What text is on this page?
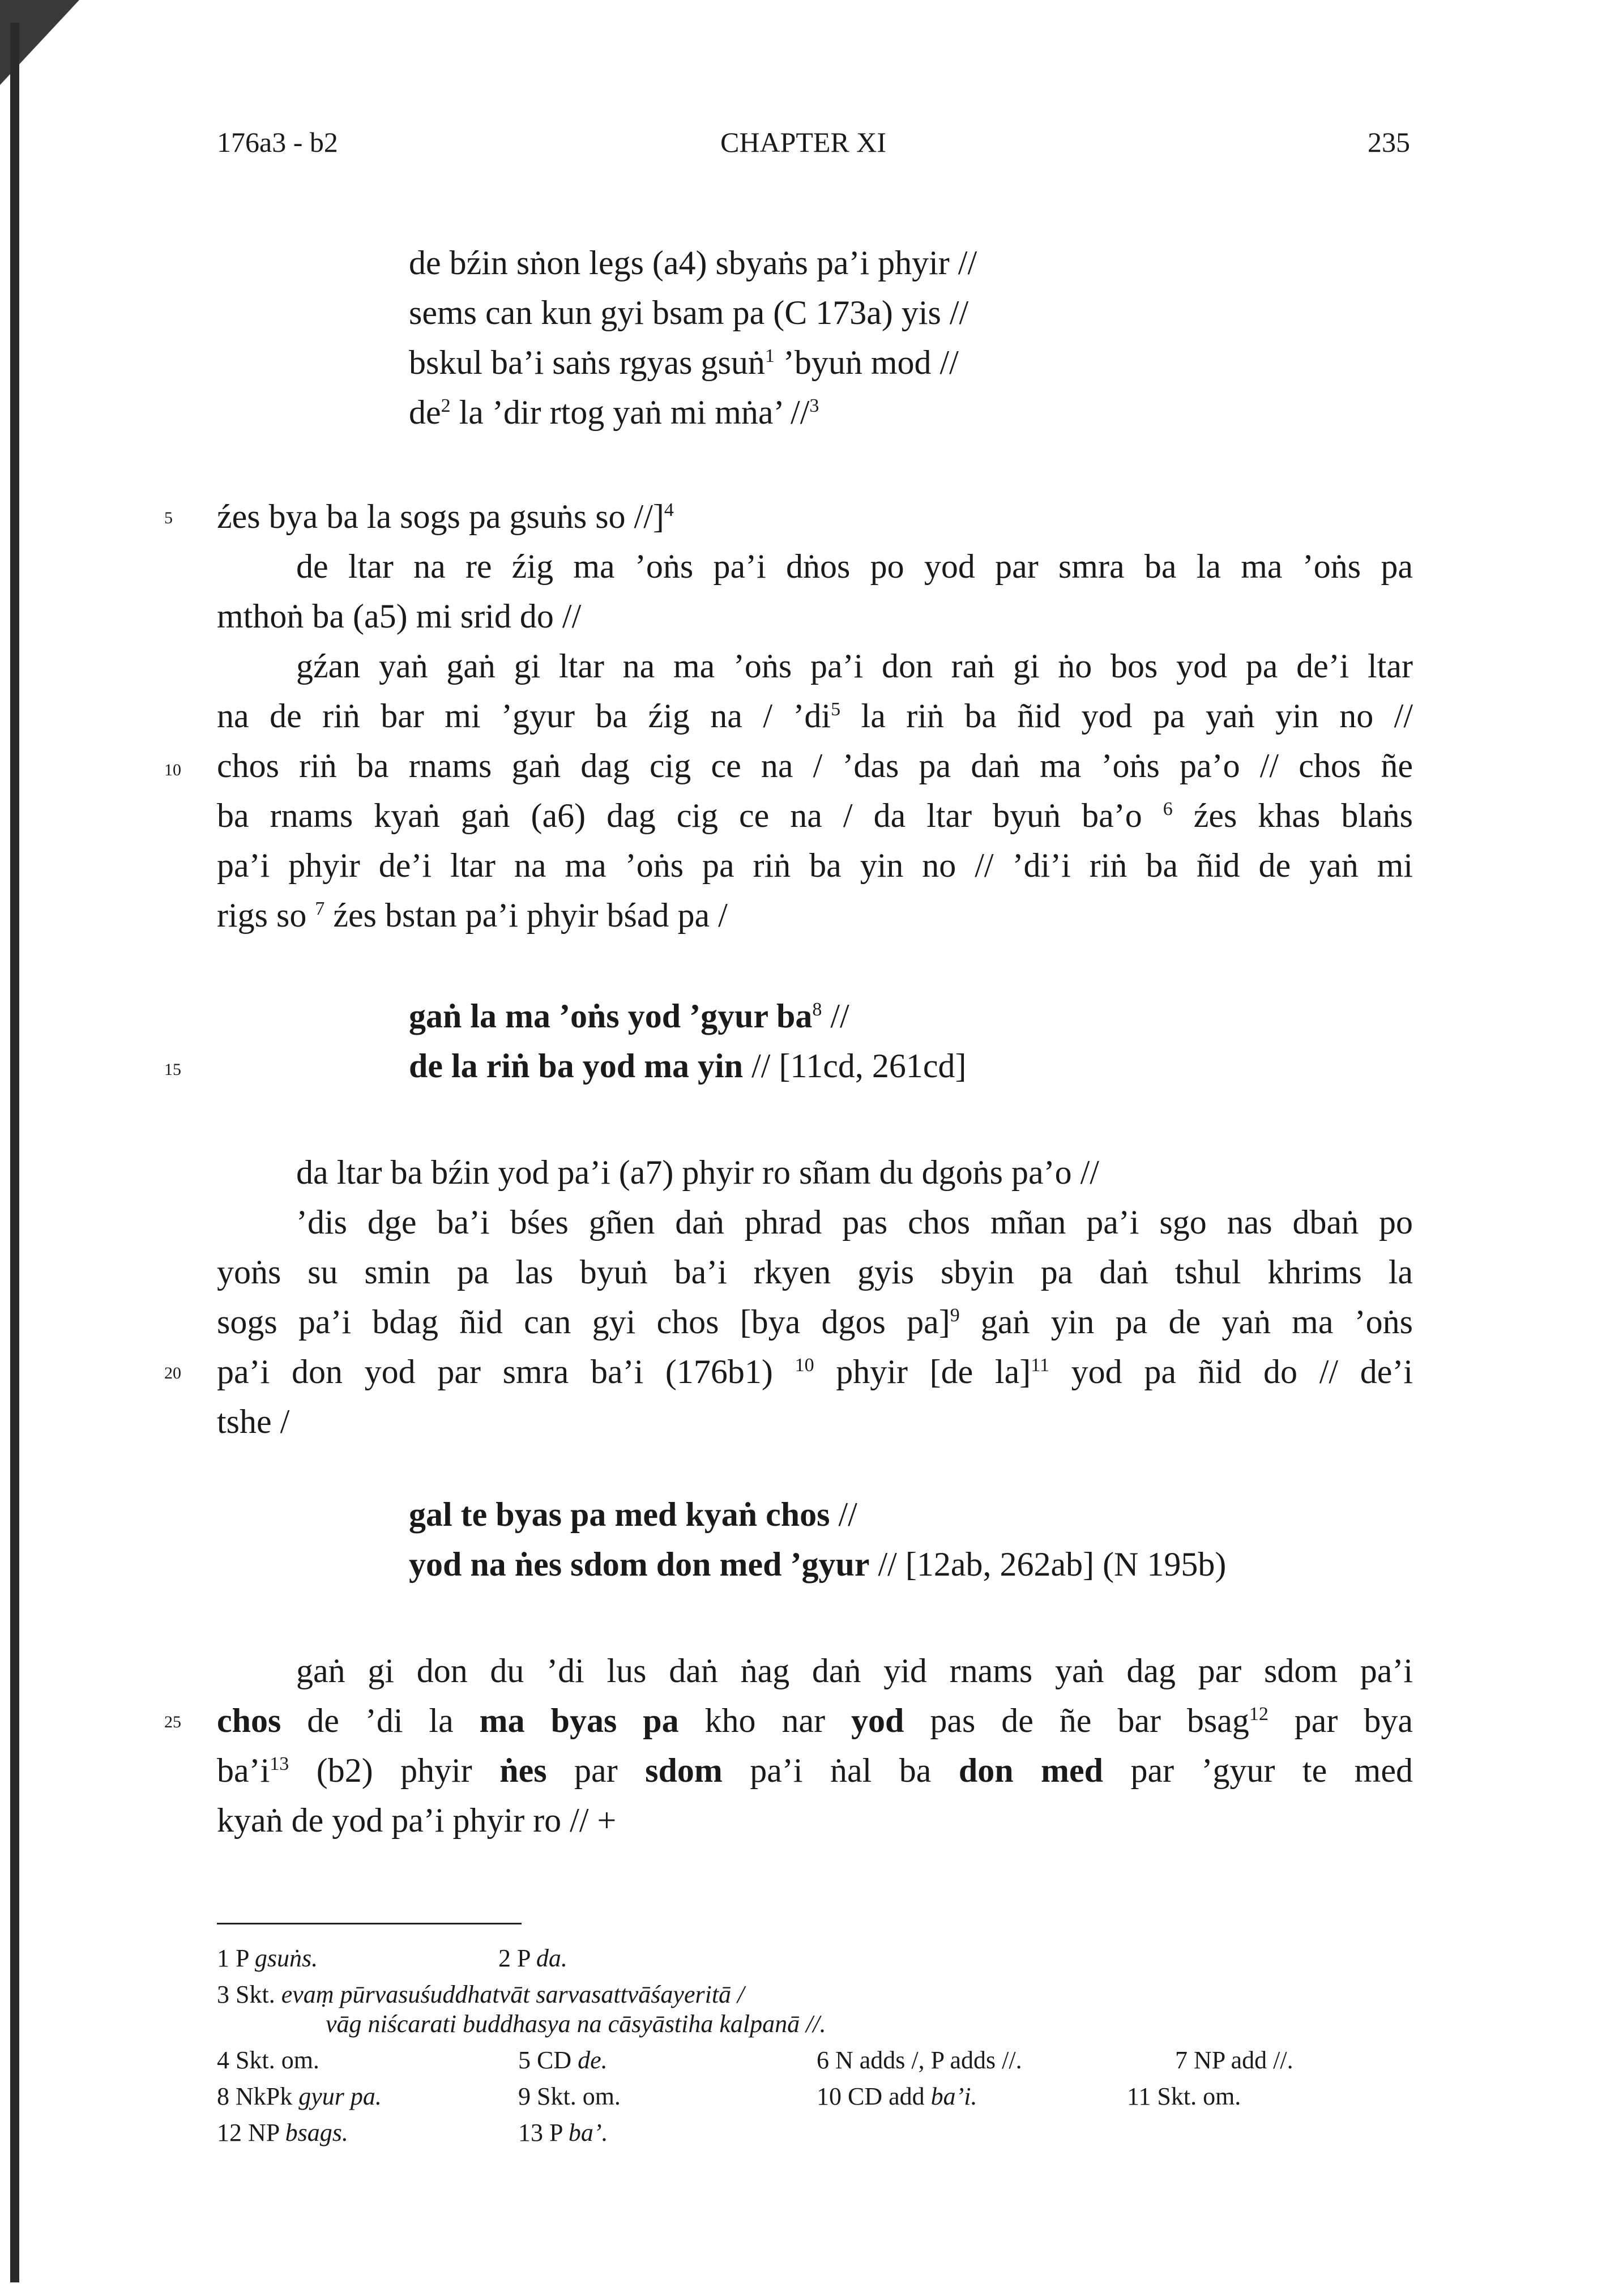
176a3 - b2	CHAPTER XI	235
de bźin sṅon legs (a4) sbyaṅs pa’i phyir //
sems can kun gyi bsam pa (C 173a) yis //
bskul ba’i saṅs rgyas gsuṅ$^1$ ’byuṅ mod //
$de^2$ la ’dir rtog yaṅ mi mṅa’ //$^3$
5
10
15
20
25
źes bya ba la sogs pa gsuṅs so //]$^4$
de ltar na re źig ma ’oṅs pa’i dṅos po yod par smra ba la ma ’oṅs pa
mthoṅ ba (a5) mi srid do //
gźan yaṅ gaṅ gi ltar na ma ’oṅs pa’i don raṅ gi ṅo bos yod pa de’i ltar
na de riṅ bar mi ’gyur ba źig na / $’di^5$ la riṅ ba ñid yod pa yaṅ yin no //
chos riṅ ba rnams gaṅ dag cig ce na / ’das pa daṅ ma ’oṅs pa’o // chos ñe
ba rnams kyaṅ gaṅ (a6) dag cig ce na / da ltar byuṅ ba’o $^6$ źes khas blaṅs
pa’i phyir de’i ltar na ma ’oṅs pa riṅ ba yin no // ’di’i riṅ ba ñid de yaṅ mi
rigs so $^7$ źes bstan pa’i phyir bśad pa /
gaṅ la ma ’oṅs yod ’gyur $ba^8$ //
de la riṅ ba yod ma yin // [11cd, 261cd]
da ltar ba bźin yod pa’i (a7) phyir ro sñam du dgoṅs pa’o //
’dis dge ba’i bśes gñen daṅ phrad pas chos mñan pa’i sgo nas dbaṅ po
yoṅs su smin pa las byuṅ ba’i rkyen gyis sbyin pa daṅ tshul khrims la
sogs pa’i bdag ñid can gyi chos [bya dgos pa]$^9$ gaṅ yin pa de yaṅ ma ’oṅs
pa’i don yod par smra ba’i (176b1) $^{10}$ phyir [de la]$^{11}$ yod pa ñid do // de’i
tshe /
gal te byas pa med kyaṅ chos //
yod na ṅes sdom don med ’gyur // [12ab, 262ab] (N 195b)
gaṅ gi don du ’di lus daṅ ṅag daṅ yid rnams yaṅ dag par sdom pa’i
chos de ’di la ma byas pa kho nar yod pas de ñe bar bsag$^{12}$ par bya
$ba’i^{13}$ (b2) phyir ṅes par sdom pa’i ṅal ba don med par ’gyur te med
kyaṅ de yod pa’i phyir ro // +
1 P gsuṅs.	2 P da.
3 Skt. evaṃ pūrvasuśuddhatvāt sarvasattvāśayeritā /
vāg niścarati buddhasya na cāsyāstiha kalpanā //.
4 Skt. om.	5 CD de.	6 N adds /, P adds //.	7 NP add //.
8 NkPk gyur pa.	9 Skt. om.	10 CD add ba’i.	11 Skt. om.
12 NP bsags.	13 P ba’.
